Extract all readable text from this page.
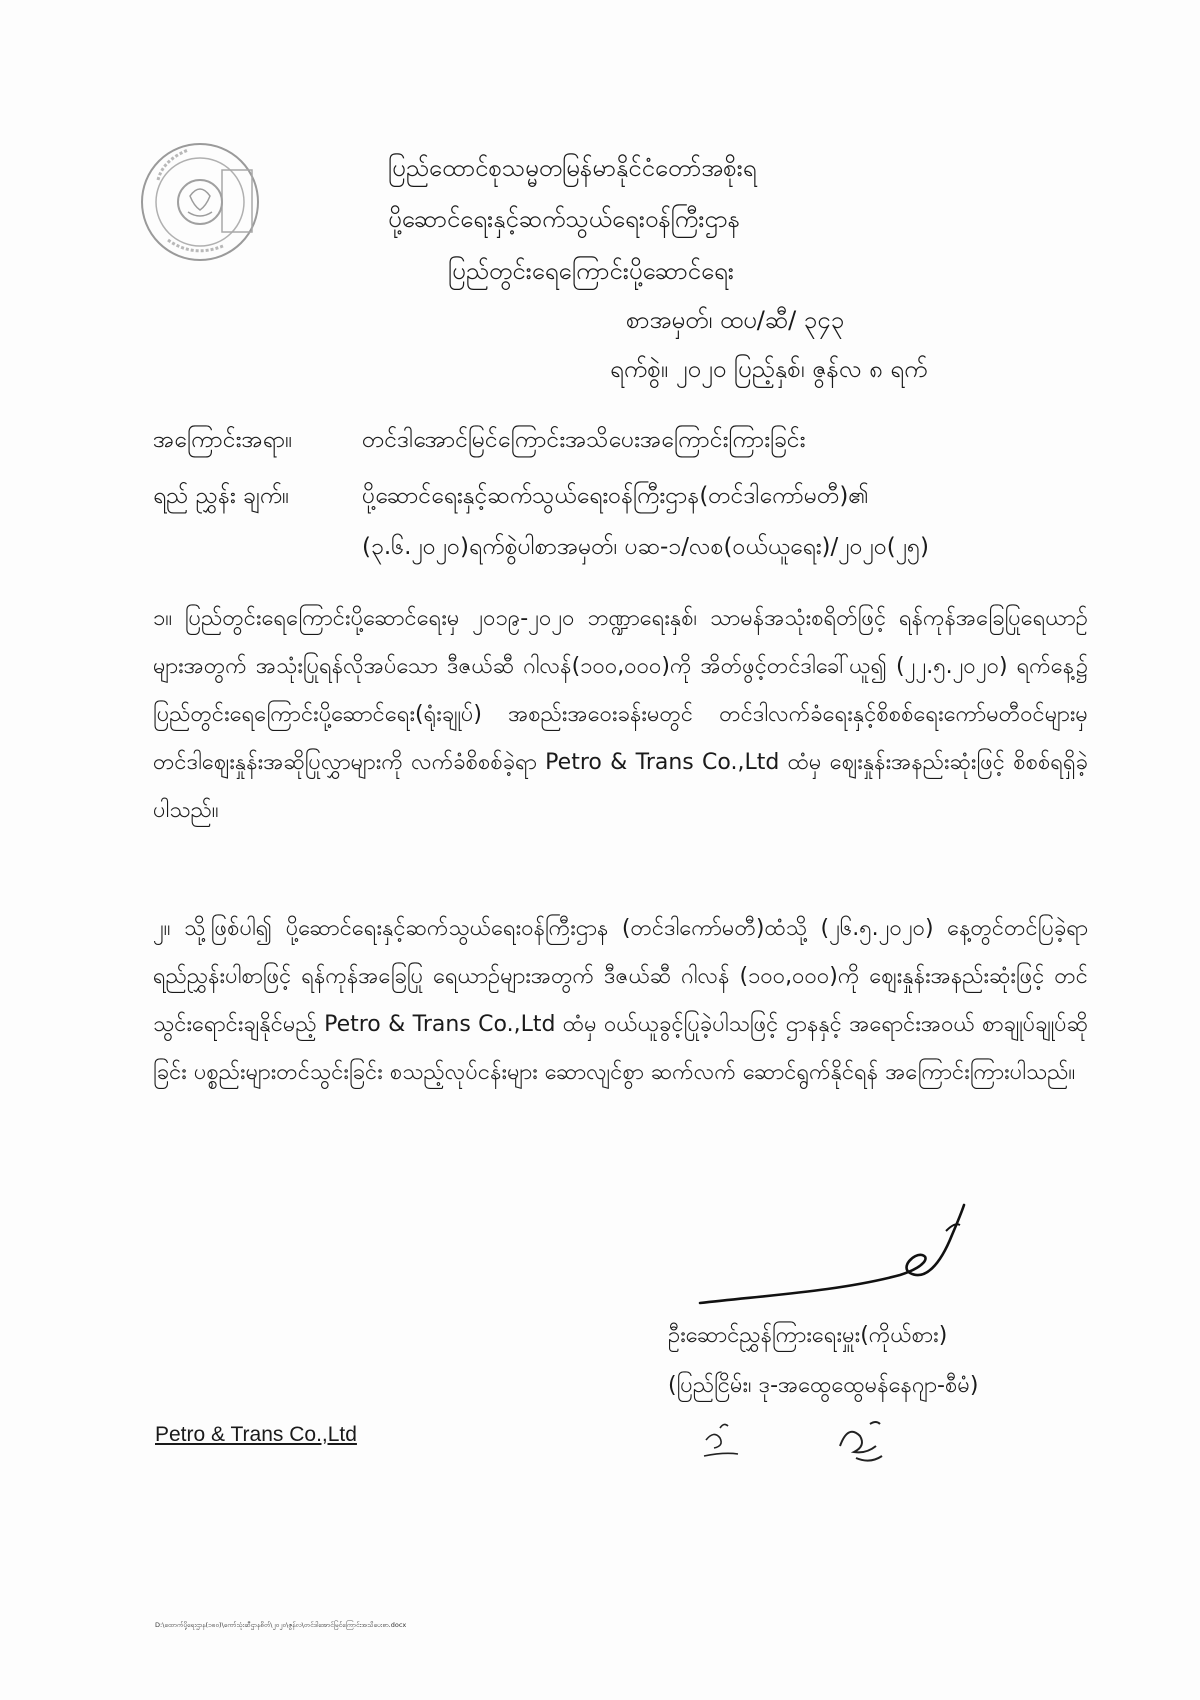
ပြည်ထောင်စုသမ္မတမြန်မာနိုင်ငံတော်အစိုးရ
ပို့ဆောင်ရေးနှင့်ဆက်သွယ်ရေးဝန်ကြီးဌာန
ပြည်တွင်းရေကြောင်းပို့ဆောင်ရေး
စာအမှတ်၊ ထပ/ဆီ/ ၃၄၃
ရက်စွဲ။ ၂၀၂၀ ပြည့်နှစ်၊ ဇွန်လ ၈ ရက်
အကြောင်းအရာ။	တင်ဒါအောင်မြင်ကြောင်းအသိပေးအကြောင်းကြားခြင်း
ရည် ညွှန်း ချက်။	ပို့ဆောင်ရေးနှင့်ဆက်သွယ်ရေးဝန်ကြီးဌာန(တင်ဒါကော်မတီ)၏
(၃.၆.၂၀၂၀)ရက်စွဲပါစာအမှတ်၊ ပဆ-၁/လစ(ဝယ်ယူရေး)/၂၀၂၀(၂၅)
၁။ ပြည်တွင်းရေကြောင်းပို့ဆောင်ရေးမှ ၂၀၁၉-၂၀၂၀ ဘဏ္ဍာရေးနှစ်၊ သာမန်အသုံးစရိတ်ဖြင့် ရန်ကုန်အခြေပြုရေယာဉ်များအတွက် အသုံးပြုရန်လိုအပ်သော ဒီဇယ်ဆီ ဂါလန်(၁၀၀,၀၀၀)ကို အိတ်ဖွင့်တင်ဒါခေါ်ယူ၍ (၂၂.၅.၂၀၂၀) ရက်နေ့၌ ပြည်တွင်းရေကြောင်းပို့ဆောင်ရေး(ရုံးချုပ်) အစည်းအဝေးခန်းမတွင် တင်ဒါလက်ခံရေးနှင့်စိစစ်ရေးကော်မတီဝင်များမှ တင်ဒါဈေးနှုန်းအဆိုပြုလွှာများကို လက်ခံစိစစ်ခဲ့ရာ Petro & Trans Co.,Ltd ထံမှ ဈေးနှုန်းအနည်းဆုံးဖြင့် စိစစ်ရရှိခဲ့ပါသည်။
၂။ သို့ဖြစ်ပါ၍ ပို့ဆောင်ရေးနှင့်ဆက်သွယ်ရေးဝန်ကြီးဌာန (တင်ဒါကော်မတီ)ထံသို့ (၂၆.၅.၂၀၂၀) နေ့တွင်တင်ပြခဲ့ရာ ရည်ညွှန်းပါစာဖြင့် ရန်ကုန်အခြေပြု ရေယာဉ်များအတွက် ဒီဇယ်ဆီ ဂါလန် (၁၀၀,၀၀၀)ကို ဈေးနှုန်းအနည်းဆုံးဖြင့် တင်သွင်းရောင်းချနိုင်မည့် Petro & Trans Co.,Ltd ထံမှ ဝယ်ယူခွင့်ပြုခဲ့ပါသဖြင့် ဌာနနှင့် အရောင်းအဝယ် စာချုပ်ချုပ်ဆိုခြင်း ပစ္စည်းများတင်သွင်းခြင်း စသည့်လုပ်ငန်းများ ဆောလျင်စွာ ဆက်လက် ဆောင်ရွက်နိုင်ရန် အကြောင်းကြားပါသည်။
ဦးဆောင်ညွှန်ကြားရေးမှူး(ကိုယ်စား)
(ပြည်ငြိမ်း၊ ဒု-အထွေထွေမန်နေဂျာ-စီမံ)
Petro & Trans Co.,Ltd
D:\ထောက်ပို့ရေးဌာန(၁၈၀)\ကော်သုံးဆီဌာနစိတ်\၂၀၂၀\ဇွန်လ\တင်ဒါအောင်မြင်ကြောင်းအသိပေးစာ.docx
